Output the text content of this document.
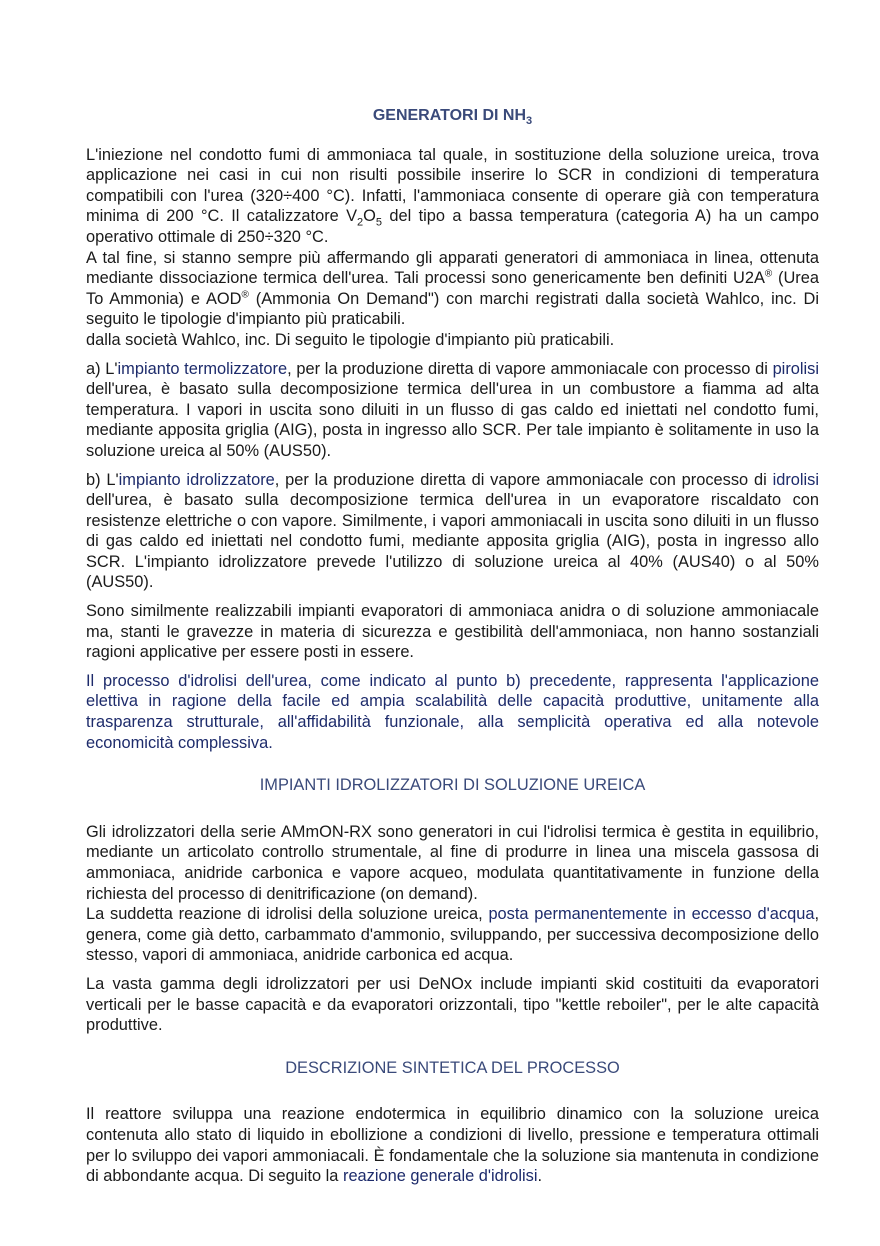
GENERATORI DI $NH_3$

L'iniezione nel condotto fumi di ammoniaca tal quale, in sostituzione della soluzione ureica, trova applicazione nei casi in cui non risulti possibile inserire lo SCR in condizioni di temperatura compatibili con l'urea (320÷400 °C). Infatti, l'ammoniaca consente di operare già con temperatura minima di 200 °C. Il catalizzatore $V_2O_5$ del tipo a bassa temperatura (categoria A) ha un campo operativo ottimale di 250÷320 °C.

A tal fine, si stanno sempre più affermando gli apparati generatori di ammoniaca in linea, ottenuta mediante dissociazione termica dell'urea. Tali processi sono genericamente ben definiti U2A® (Urea To Ammonia) e AOD® (Ammonia On Demand") con marchi registrati dalla società Wahlco, inc. Di seguito le tipologie d'impianto più praticabili.

dalla società Wahlco, inc. Di seguito le tipologie d'impianto più praticabili.

a) L'impianto termolizzatore, per la produzione diretta di vapore ammoniacale con processo di pirolisi dell'urea, è basato sulla decomposizione termica dell'urea in un combustore a fiamma ad alta temperatura. I vapori in uscita sono diluiti in un flusso di gas caldo ed iniettati nel condotto fumi, mediante apposita griglia (AIG), posta in ingresso allo SCR. Per tale impianto è solitamente in uso la soluzione ureica al 50% (AUS50).

b) L'impianto idrolizzatore, per la produzione diretta di vapore ammoniacale con processo di idrolisi dell'urea, è basato sulla decomposizione termica dell'urea in un evaporatore riscaldato con resistenze elettriche o con vapore. Similmente, i vapori ammoniacali in uscita sono diluiti in un flusso di gas caldo ed iniettati nel condotto fumi, mediante apposita griglia (AIG), posta in ingresso allo SCR. L'impianto idrolizzatore prevede l'utilizzo di soluzione ureica al 40% (AUS40) o al 50% (AUS50).

Sono similmente realizzabili impianti evaporatori di ammoniaca anidra o di soluzione ammoniacale ma, stanti le gravezze in materia di sicurezza e gestibilità dell'ammoniaca, non hanno sostanziali ragioni applicative per essere posti in essere.

Il processo d'idrolisi dell'urea, come indicato al punto b) precedente, rappresenta l'applicazione elettiva in ragione della facile ed ampia scalabilità delle capacità produttive, unitamente alla trasparenza strutturale, all'affidabilità funzionale, alla semplicità operativa ed alla notevole economicità complessiva.

IMPIANTI IDROLIZZATORI DI SOLUZIONE UREICA

Gli idrolizzatori della serie AMmON-RX sono generatori in cui l'idrolisi termica è gestita in equilibrio, mediante un articolato controllo strumentale, al fine di produrre in linea una miscela gassosa di ammoniaca, anidride carbonica e vapore acqueo, modulata quantitativamente in funzione della richiesta del processo di denitrificazione (on demand).

La suddetta reazione di idrolisi della soluzione ureica, posta permanentemente in eccesso d'acqua, genera, come già detto, carbammato d'ammonio, sviluppando, per successiva decomposizione dello stesso, vapori di ammoniaca, anidride carbonica ed acqua.

La vasta gamma degli idrolizzatori per usi DeNOx include impianti skid costituiti da evaporatori verticali per le basse capacità e da evaporatori orizzontali, tipo "kettle reboiler", per le alte capacità produttive.

DESCRIZIONE SINTETICA DEL PROCESSO

Il reattore sviluppa una reazione endotermica in equilibrio dinamico con la soluzione ureica contenuta allo stato di liquido in ebollizione a condizioni di livello, pressione e temperatura ottimali per lo sviluppo dei vapori ammoniacali. È fondamentale che la soluzione sia mantenuta in condizione di abbondante acqua. Di seguito la reazione generale d'idrolisi.
